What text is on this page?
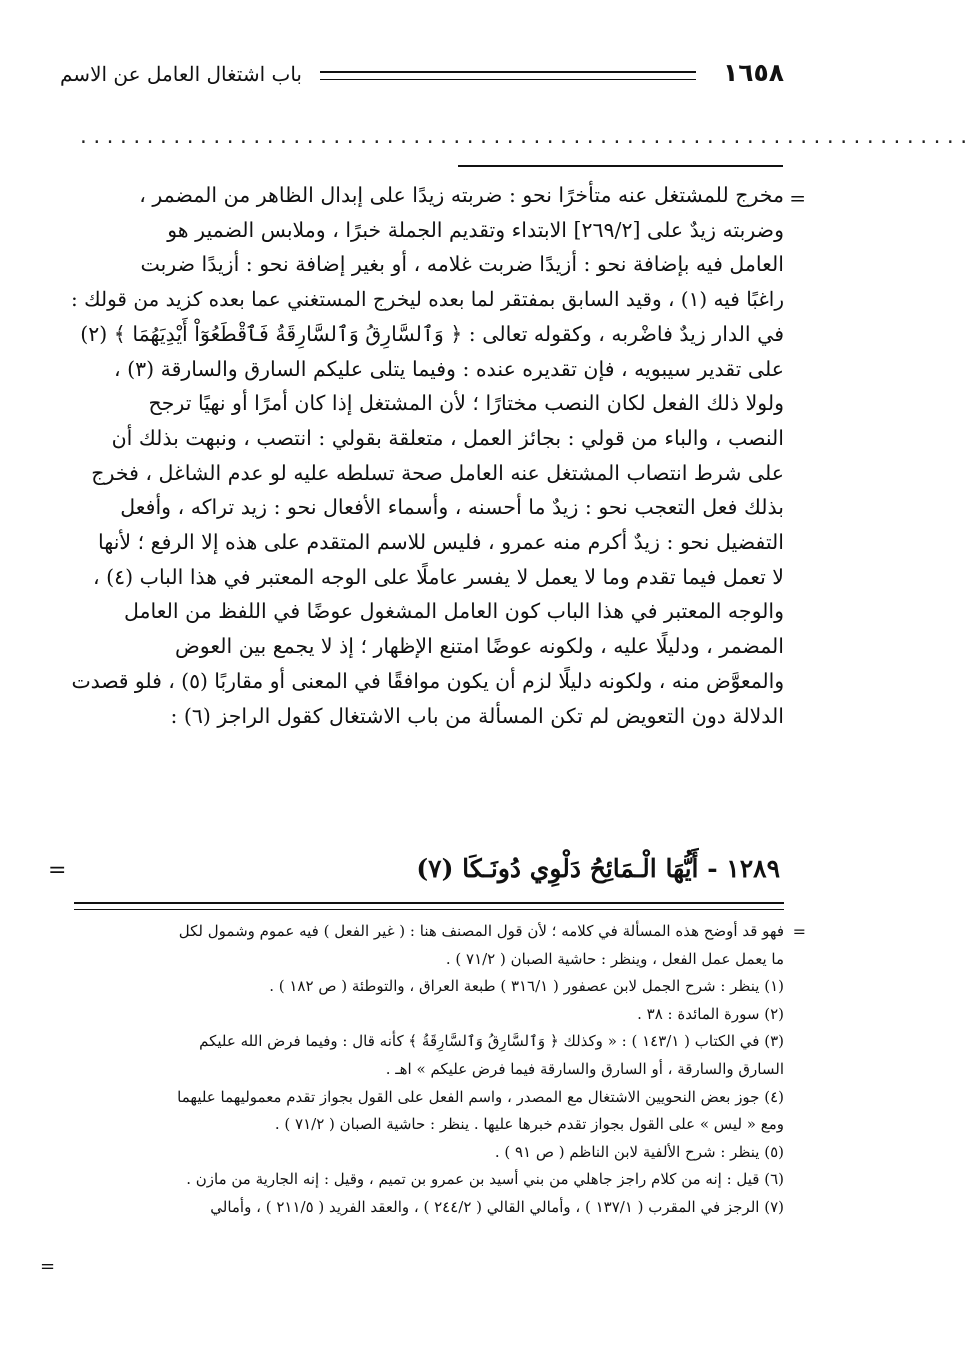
١٦٥٨
باب اشتغال العامل عن الاسم
...................................................................
=

مخرج للمشتغل عنه متأخرًا نحو : ضربته زيدًا على إبدال الظاهر من المضمر ،

وضربته زيدٌ على [٢٦٩/٢] الابتداء وتقديم الجملة خبرًا ، وملابس الضمير هو

العامل فيه بإضافة نحو : أزيدًا ضربت غلامه ، أو بغير إضافة نحو : أزيدًا ضربت

راغبًا فيه (١) ، وقيد السابق بمفتقر لما بعده ليخرج المستغني عما بعده كزيد من قولك :

في الدار زيدٌ فاضْربه ، وكقوله تعالى : ﴿ وَٱلسَّارِقُ وَٱلسَّارِقَةُ فَٱقْطَعُوٓاْ أَيْدِيَهُمَا ﴾ (٢)

على تقدير سيبويه ، فإن تقديره عنده : وفيما يتلى عليكم السارق والسارقة (٣) ،

ولولا ذلك الفعل لكان النصب مختارًا ؛ لأن المشتغل إذا كان أمرًا أو نهيًا ترجح

النصب ، والباء من قولي : بجائز العمل ، متعلقة بقولي : انتصب ، ونبهت بذلك أن

على شرط انتصاب المشتغل عنه العامل صحة تسلطه عليه لو عدم الشاغل ، فخرج

بذلك فعل التعجب نحو : زيدٌ ما أحسنه ، وأسماء الأفعال نحو : زيد تراكه ، وأفعل

التفضيل نحو : زيدٌ أكرم منه عمرو ، فليس للاسم المتقدم على هذه إلا الرفع ؛ لأنها

لا تعمل فيما تقدم وما لا يعمل لا يفسر عاملًا على الوجه المعتبر في هذا الباب (٤) ،

والوجه المعتبر في هذا الباب كون العامل المشغول عوضًا في اللفظ من العامل

المضمر ، ودليلًا عليه ، ولكونه عوضًا امتنع الإظهار ؛ إذ لا يجمع بين العوض

والمعوَّض منه ، ولكونه دليلًا لزم أن يكون موافقًا في المعنى أو مقاربًا (٥) ، فلو قصدت

الدلالة دون التعويض لم تكن المسألة من باب الاشتغال كقول الراجز (٦) :

١٢٨٩ - أَيُّهَا الْـمَائِحُ دَلْوِي دُونَـكَا (٧)
=
=

فهو قد أوضح هذه المسألة في كلامه ؛ لأن قول المصنف هنا : ( غير الفعل ) فيه عموم وشمول لكل

ما يعمل عمل الفعل ، وينظر : حاشية الصبان ( ٧١/٢ ) .

(١) ينظر : شرح الجمل لابن عصفور ( ٣١٦/١ ) طبعة العراق ، والتوطئة ( ص ١٨٢ ) .

(٢) سورة المائدة : ٣٨ .

(٣) في الكتاب ( ١٤٣/١ ) : « وكذلك ﴿ وَٱلسَّارِقُ وَٱلسَّارِقَةُ ﴾ كأنه قال : وفيما فرض الله عليكم

السارق والسارقة ، أو السارق والسارقة فيما فرض عليكم » اهـ .

(٤) جوز بعض النحويين الاشتغال مع المصدر ، واسم الفعل على القول بجواز تقدم معموليهما عليهما

ومع « ليس » على القول بجواز تقدم خبرها عليها . ينظر : حاشية الصبان ( ٧١/٢ ) .

(٥) ينظر : شرح الألفية لابن الناظم ( ص ٩١ ) .

(٦) قيل : إنه من كلام راجز جاهلي من بني أسيد بن عمرو بن تميم ، وقيل : إنه الجارية من مازن .

(٧) الرجز في المقرب ( ١٣٧/١ ) ، وأمالي القالي ( ٢٤٤/٢ ) ، والعقد الفريد ( ٢١١/٥ ) ، وأمالي

=
